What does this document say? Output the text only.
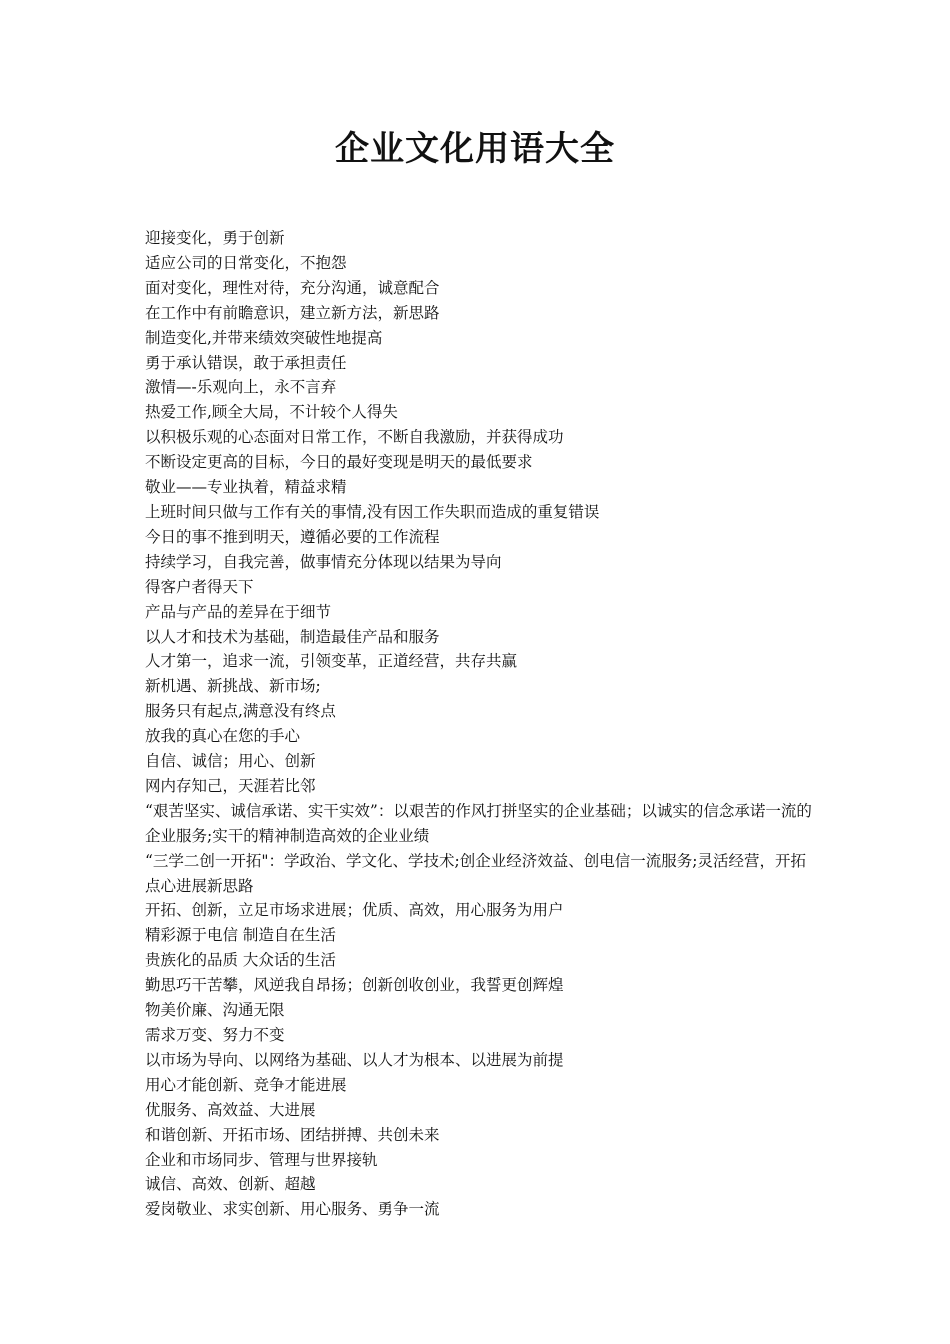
企业文化用语大全
迎接变化，勇于创新
适应公司的日常变化，不抱怨
面对变化，理性对待，充分沟通，诚意配合
在工作中有前瞻意识，建立新方法，新思路
制造变化,并带来绩效突破性地提高
勇于承认错误，敢于承担责任
激情—-乐观向上，永不言弃
热爱工作,顾全大局，不计较个人得失
以积极乐观的心态面对日常工作，不断自我激励，并获得成功
不断设定更高的目标，今日的最好变现是明天的最低要求
敬业——专业执着，精益求精
上班时间只做与工作有关的事情,没有因工作失职而造成的重复错误
今日的事不推到明天，遵循必要的工作流程
持续学习，自我完善，做事情充分体现以结果为导向
得客户者得天下
产品与产品的差异在于细节
以人才和技术为基础，制造最佳产品和服务
人才第一，追求一流，引领变革，正道经营，共存共赢
新机遇、新挑战、新市场;
服务只有起点,满意没有终点
放我的真心在您的手心
自信、诚信；用心、创新
网内存知己，天涯若比邻
“艰苦坚实、诚信承诺、实干实效”：以艰苦的作风打拼坚实的企业基础；以诚实的信念承诺一流的企业服务;实干的精神制造高效的企业业绩
“三学二创一开拓"：学政治、学文化、学技术;创企业经济效益、创电信一流服务;灵活经营，开拓点心进展新思路
开拓、创新，立足市场求进展；优质、高效，用心服务为用户
精彩源于电信 制造自在生活
贵族化的品质 大众话的生活
勤思巧干苦攀，风逆我自昂扬；创新创收创业，我誓更创辉煌
物美价廉、沟通无限
需求万变、努力不变
以市场为导向、以网络为基础、以人才为根本、以进展为前提
用心才能创新、竞争才能进展
优服务、高效益、大进展
和谐创新、开拓市场、团结拼搏、共创未来
企业和市场同步、管理与世界接轨
诚信、高效、创新、超越
爱岗敬业、求实创新、用心服务、勇争一流
